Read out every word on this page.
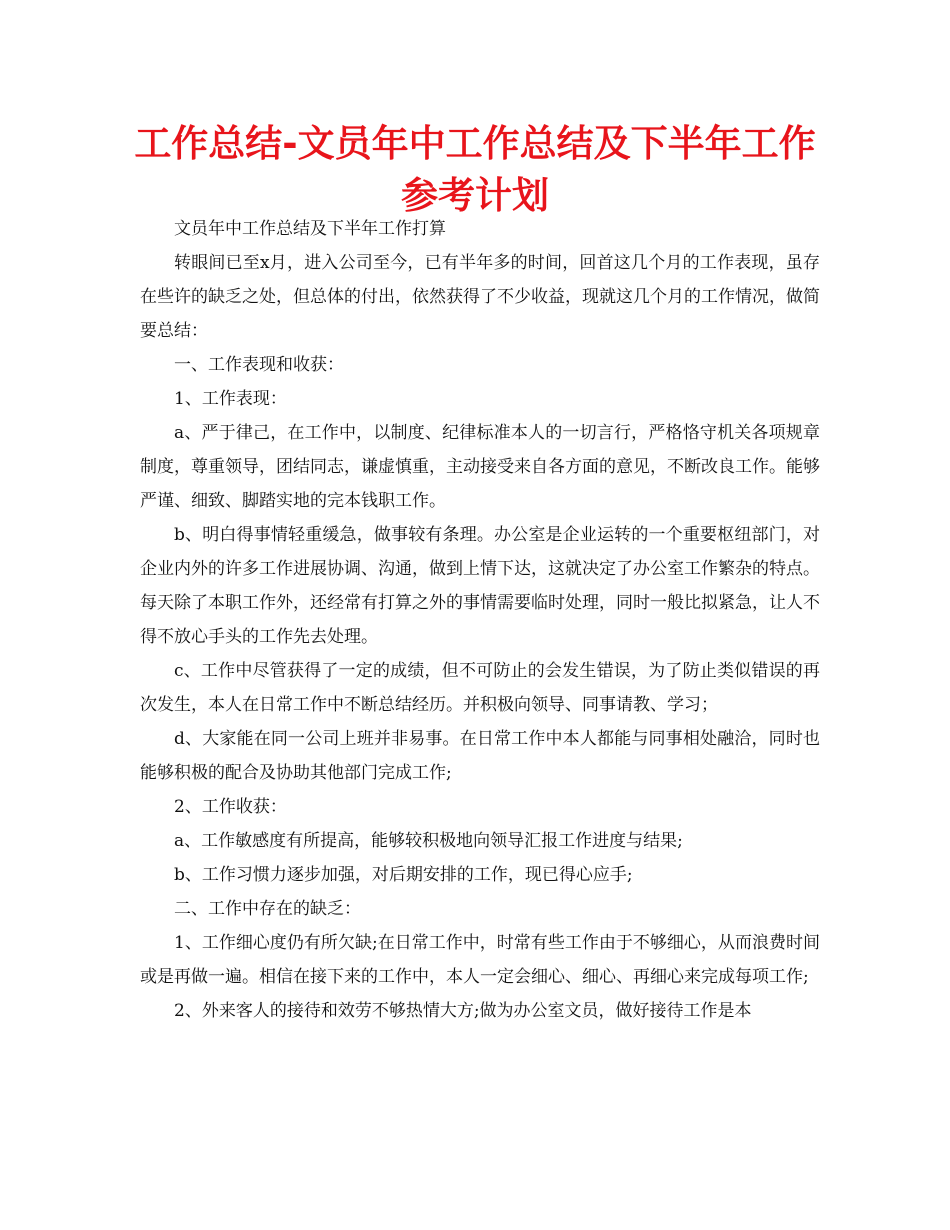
工作总结-文员年中工作总结及下半年工作
参考计划

文员年中工作总结及下半年工作打算

转眼间已至x月，进入公司至今，已有半年多的时间，回首这几个月的工作表现，虽存在些许的缺乏之处，但总体的付出，依然获得了不少收益，现就这几个月的工作情况，做简要总结：

一、工作表现和收获：

1、工作表现：

a、严于律己，在工作中，以制度、纪律标准本人的一切言行，严格恪守机关各项规章制度，尊重领导，团结同志，谦虚慎重，主动接受来自各方面的意见，不断改良工作。能够严谨、细致、脚踏实地的完本钱职工作。

b、明白得事情轻重缓急，做事较有条理。办公室是企业运转的一个重要枢纽部门，对企业内外的许多工作进展协调、沟通，做到上情下达，这就决定了办公室工作繁杂的特点。每天除了本职工作外，还经常有打算之外的事情需要临时处理，同时一般比拟紧急，让人不得不放心手头的工作先去处理。

c、工作中尽管获得了一定的成绩，但不可防止的会发生错误，为了防止类似错误的再次发生，本人在日常工作中不断总结经历。并积极向领导、同事请教、学习；

d、大家能在同一公司上班并非易事。在日常工作中本人都能与同事相处融洽，同时也能够积极的配合及协助其他部门完成工作;

2、工作收获：

a、工作敏感度有所提高，能够较积极地向领导汇报工作进度与结果;

b、工作习惯力逐步加强，对后期安排的工作，现已得心应手;

二、工作中存在的缺乏：

1、工作细心度仍有所欠缺;在日常工作中，时常有些工作由于不够细心，从而浪费时间或是再做一遍。相信在接下来的工作中，本人一定会细心、细心、再细心来完成每项工作;

2、外来客人的接待和效劳不够热情大方;做为办公室文员，做好接待工作是本
